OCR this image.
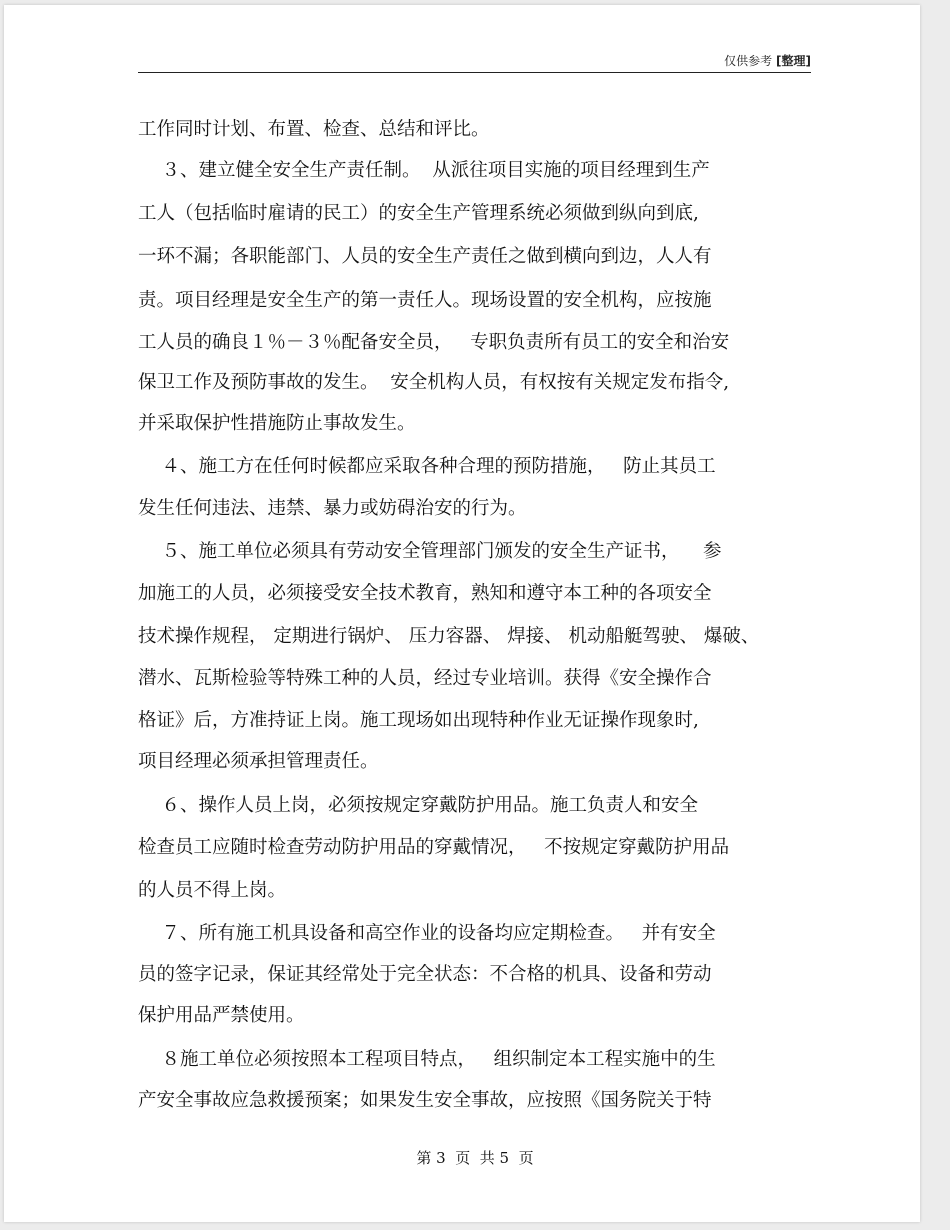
仅供参考 [整理]
工作同时计划、布置、检查、总结和评比。
３、建立健全安全生产责任制。  从派往项目实施的项目经理到生产
工人（包括临时雇请的民工）的安全生产管理系统必须做到纵向到底,
一环不漏；各职能部门、人员的安全生产责任之做到横向到边，人人有
责。项目经理是安全生产的第一责任人。现场设置的安全机构，应按施
工人员的确良１％－３％配备安全员，   专职负责所有员工的安全和治安
保卫工作及预防事故的发生。  安全机构人员，有权按有关规定发布指令,
并采取保护性措施防止事故发生。
４、施工方在任何时候都应采取各种合理的预防措施，   防止其员工
发生任何违法、违禁、暴力或妨碍治安的行为。
５、施工单位必须具有劳动安全管理部门颁发的安全生产证书，    参
加施工的人员，必须接受安全技术教育，熟知和遵守本工种的各项安全
技术操作规程， 定期进行锅炉、 压力容器、 焊接、 机动船艇驾驶、 爆破、
潜水、瓦斯检验等特殊工种的人员，经过专业培训。获得《安全操作合
格证》后，方准持证上岗。施工现场如出现特种作业无证操作现象时,
项目经理必须承担管理责任。
６、操作人员上岗，必须按规定穿戴防护用品。施工负责人和安全
检查员工应随时检查劳动防护用品的穿戴情况，   不按规定穿戴防护用品
的人员不得上岗。
７、所有施工机具设备和高空作业的设备均应定期检查。   并有安全
员的签字记录，保证其经常处于完全状态：不合格的机具、设备和劳动
保护用品严禁使用。
８施工单位必须按照本工程项目特点，   组织制定本工程实施中的生
产安全事故应急救援预案；如果发生安全事故，应按照《国务院关于特
第 3  页  共 5  页
